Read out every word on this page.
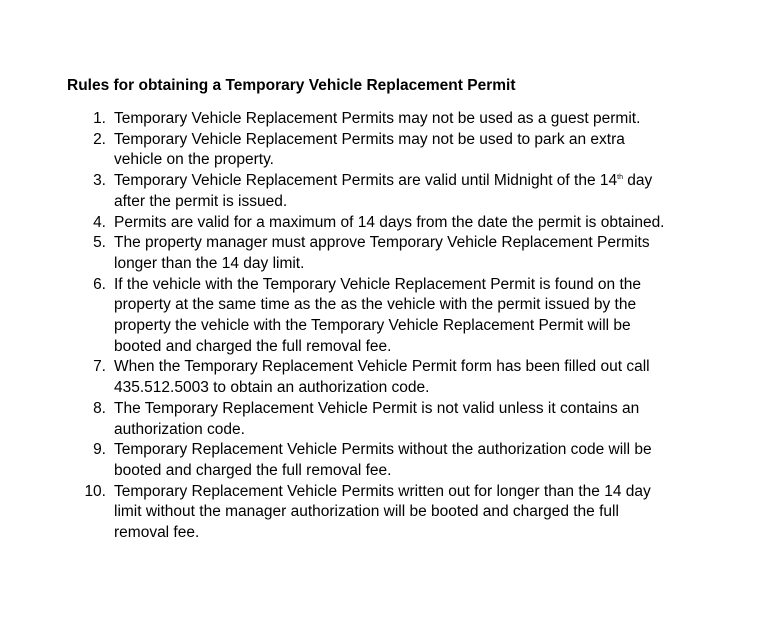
Rules for obtaining a Temporary Vehicle Replacement Permit
1. Temporary Vehicle Replacement Permits may not be used as a guest permit.
2. Temporary Vehicle Replacement Permits may not be used to park an extra
vehicle on the property.
3. Temporary Vehicle Replacement Permits are valid until Midnight of the 14th day
after the permit is issued.
4. Permits are valid for a maximum of 14 days from the date the permit is obtained.
5. The property manager must approve Temporary Vehicle Replacement Permits
longer than the 14 day limit.
6. If the vehicle with the Temporary Vehicle Replacement Permit is found on the
property at the same time as the as the vehicle with the permit issued by the
property the vehicle with the Temporary Vehicle Replacement Permit will be
booted and charged the full removal fee.
7. When the Temporary Replacement Vehicle Permit form has been filled out call
435.512.5003 to obtain an authorization code.
8. The Temporary Replacement Vehicle Permit is not valid unless it contains an
authorization code.
9. Temporary Replacement Vehicle Permits without the authorization code will be
booted and charged the full removal fee.
10. Temporary Replacement Vehicle Permits written out for longer than the 14 day
limit without the manager authorization will be booted and charged the full
removal fee.
